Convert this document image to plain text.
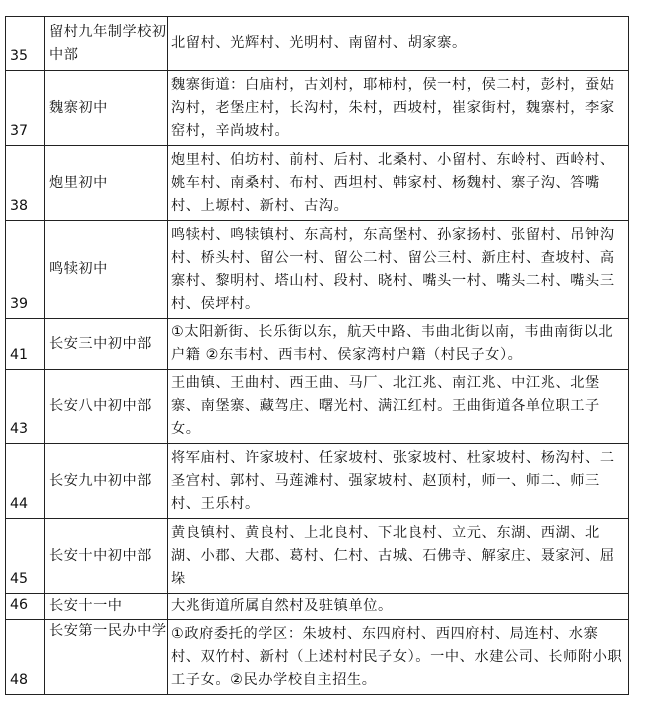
35	留村九年制学校初中部	北留村、光辉村、光明村、南留村、胡家寨。
37	魏寨初中	魏寨街道：白庙村，古刘村，耶柿村，侯一村，侯二村，彭村，蚕姑沟村，老堡庄村，长沟村，朱村，西坡村，崔家街村，魏寨村，李家窑村，辛尚坡村。
38	炮里初中	炮里村、伯坊村、前村、后村、北桑村、小留村、东岭村、西岭村、姚车村、南桑村、布村、西坦村、韩家村、杨魏村、寨子沟、答嘴村、上塬村、新村、古沟。
39	鸣犊初中	鸣犊村、鸣犊镇村、东高村，东高堡村、孙家扬村、张留村、吊钟沟村、桥头村、留公一村、留公二村、留公三村、新庄村、查坡村、高寨村、黎明村、塔山村、段村、晓村、嘴头一村、嘴头二村、嘴头三村、侯坪村。
41	长安三中初中部	①太阳新街、长乐街以东，航天中路、韦曲北街以南，韦曲南街以北户籍 ②东韦村、西韦村、侯家湾村户籍（村民子女）。
43	长安八中初中部	王曲镇、王曲村、西王曲、马厂、北江兆、南江兆、中江兆、北堡寨、南堡寨、藏驾庄、曙光村、满江红村。王曲街道各单位职工子女。
44	长安九中初中部	将军庙村、许家坡村、任家坡村、张家坡村、杜家坡村、杨沟村、二圣宫村、郭村、马莲滩村、强家坡村、赵顶村，师一、师二、师三村、王乐村。
45	长安十中初中部	黄良镇村、黄良村、上北良村、下北良村、立元、东湖、西湖、北湖、小郡、大郡、葛村、仁村、古城、石佛寺、解家庄、聂家河、屈垛
46	长安十一中	大兆街道所属自然村及驻镇单位。
48	长安第一民办中学	①政府委托的学区：朱坡村、东四府村、西四府村、局连村、水寨村、双竹村、新村（上述村村民子女）。一中、水建公司、长师附小职工子女。②民办学校自主招生。
